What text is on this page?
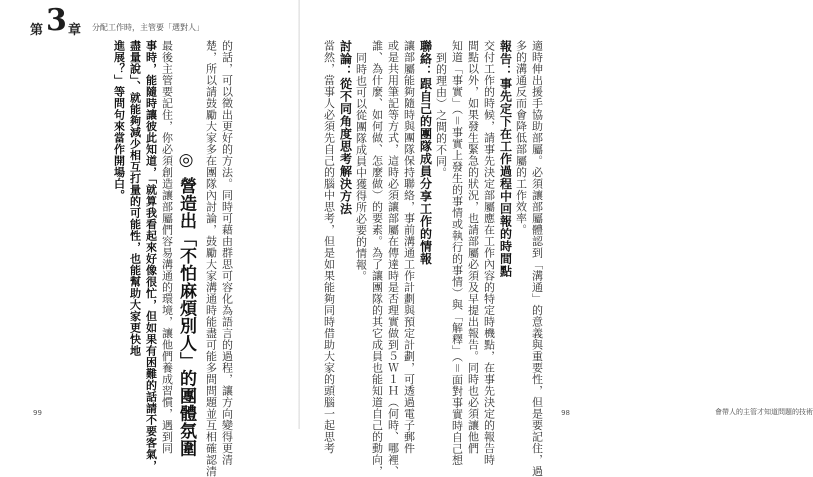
第 3 章 分配工作時，主管要「選對人」
進展？」等問句來當作開場白。 盡量說」、就能夠減少相互打量的可能性，也能幫助大家更快地 事時，能隨時讓彼此知道，「就算我看起來好像很忙，但如果有困難的話請不要客氣， 最後主管要記住，你必須創造讓部屬們容易溝通的環境，讓他們養成習慣，遇到同 ◎ 營造出「不怕麻煩別人」的團體氛圍 楚，所以請鼓勵大家多在團隊內討論，鼓勵大家溝通時能盡可能多問問題並互相確認清 的話，可以徵出更好的方法。同時可藉由群思可容化為語言的過程，讓方向變得更清
99	適時伸出援手協助部屬。必須讓部屬體認到「溝通」的意義與重要性，但是要記住，過
多的溝通反而會降低部屬的工作效率。
報告：事先定下在工作過程中回報的時間點
交付工作的時候，請事先決定部屬應在工作內容的特定時機點，在事先決定的報告時
間點以外，如果發生緊急的狀況，也請部屬必須及早提出報告。同時也必須讓他們
知道「事實」（＝事實上發生的事情或執行的事情）與「解釋」（＝面對事實時自己想
到的理由）之間的不同。
聯絡：跟自己的團隊成員分享工作的情報
讓部屬能夠隨時與團隊保持聯絡，事前溝通工作計劃與預定計劃，可透過電子郵件
或是共用筆記等方式，這時必須讓部屬在傳達時是否理實做到５Ｗ１Ｈ（何時、哪裡、
誰、為什麼、如何做、怎麼做）的要素。為了讓團隊的其它成員也能知道自己的動向，
同時也可以從團隊成員中獲得所必要的情報。
討論：從不同角度思考解決方法
當然，當事人必須先自己的腦中思考，但是如果能夠同時借助大家的頭腦一起思考	會帶人的主管才知道問題的技術
98
